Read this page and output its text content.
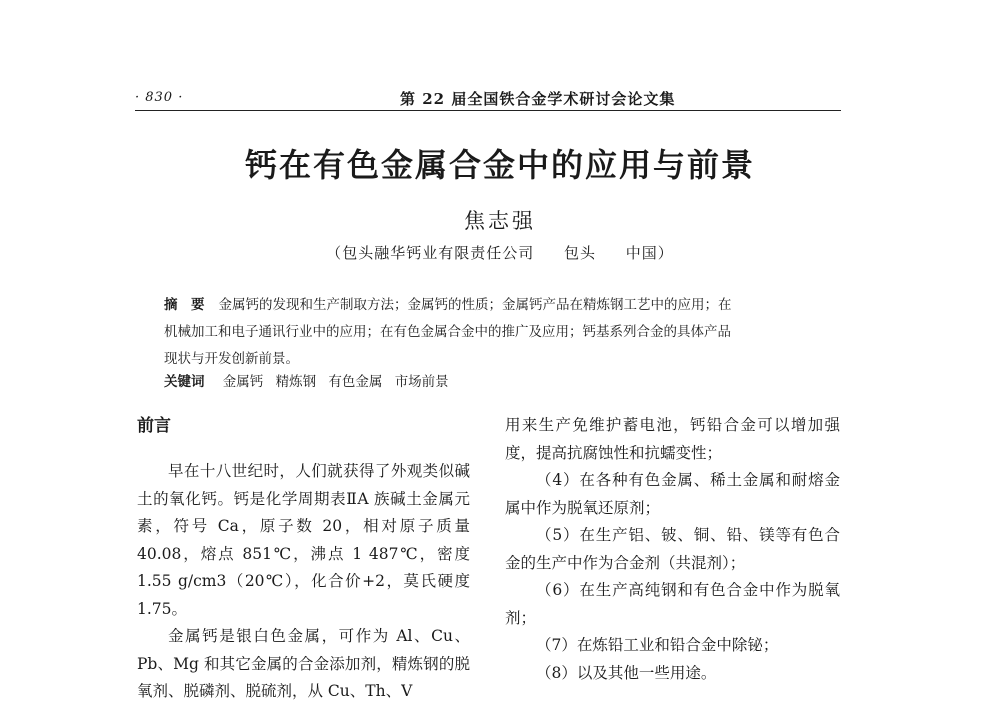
· 830 ·	第 22 届全国铁合金学术研讨会论文集
钙在有色金属合金中的应用与前景
焦志强
（包头融华钙业有限责任公司 包头 中国）
摘　要 金属钙的发现和生产制取方法；金属钙的性质；金属钙产品在精炼钢工艺中的应用；在
机械加工和电子通讯行业中的应用；在有色金属合金中的推广及应用；钙基系列合金的具体产品
现状与开发创新前景。
关键词 金属钙 精炼钢 有色金属 市场前景
前言

早在十八世纪时，人们就获得了外观类似碱土的氧化钙。钙是化学周期表ⅡA 族碱土金属元素，符号 Ca，原子数 20，相对原子质量 40.08，熔点 851℃，沸点 1 487℃，密度 1.55 g/cm3（20℃），化合价+2，莫氏硬度 1.75。

金属钙是银白色金属，可作为 Al、Cu、Pb、Mg 和其它金属的合金添加剂，精炼钢的脱氧剂、脱磷剂、脱硫剂，从 Cu、Th、V

用来生产免维护蓄电池，钙铅合金可以增加强度，提高抗腐蚀性和抗蠕变性；

（4）在各种有色金属、稀土金属和耐熔金属中作为脱氧还原剂；

（5）在生产铝、铍、铜、铅、镁等有色合金的生产中作为合金剂（共混剂）；

（6）在生产高纯钢和有色合金中作为脱氧剂；

（7）在炼铅工业和铅合金中除铋；

（8）以及其他一些用途。
